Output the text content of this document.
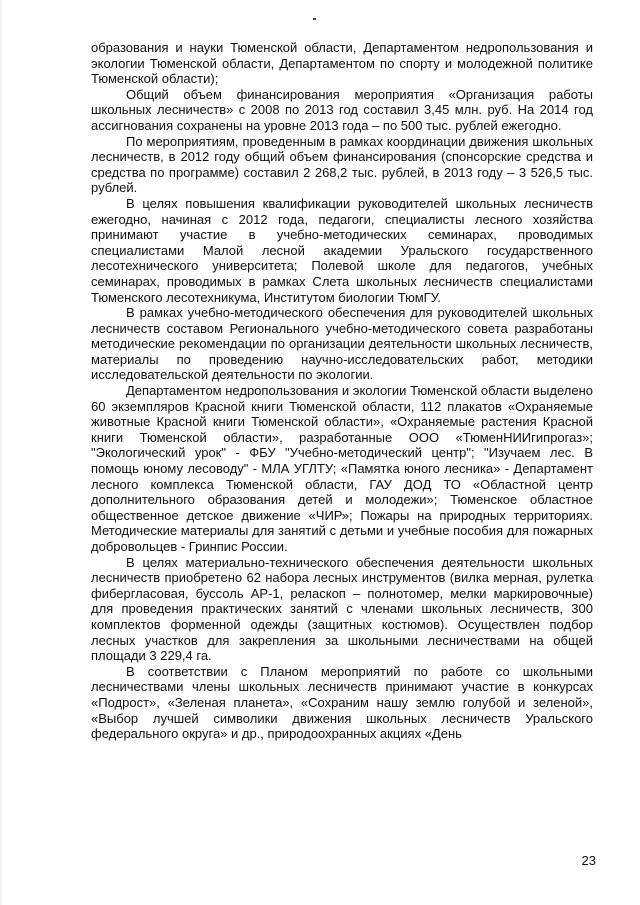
образования и науки Тюменской области, Департаментом недропользования и экологии Тюменской области, Департаментом по спорту и молодежной политике Тюменской области);

Общий объем финансирования мероприятия «Организация работы школьных лесничеств» с 2008 по 2013 год составил 3,45 млн. руб. На 2014 год ассигнования сохранены на уровне 2013 года – по 500 тыс. рублей ежегодно.

По мероприятиям, проведенным в рамках координации движения школьных лесничеств, в 2012 году общий объем финансирования (спонсорские средства и средства по программе) составил 2 268,2 тыс. рублей, в 2013 году – 3 526,5 тыс. рублей.

В целях повышения квалификации руководителей школьных лесничеств ежегодно, начиная с 2012 года, педагоги, специалисты лесного хозяйства принимают участие в учебно-методических семинарах, проводимых специалистами Малой лесной академии Уральского государственного лесотехнического университета; Полевой школе для педагогов, учебных семинарах, проводимых в рамках Слета школьных лесничеств специалистами Тюменского лесотехникума, Институтом биологии ТюмГУ.

В рамках учебно-методического обеспечения для руководителей школьных лесничеств составом Регионального учебно-методического совета разработаны методические рекомендации по организации деятельности школьных лесничеств, материалы по проведению научно-исследовательских работ, методики исследовательской деятельности по экологии.

Департаментом недропользования и экологии Тюменской области выделено 60 экземпляров Красной книги Тюменской области, 112 плакатов «Охраняемые животные Красной книги Тюменской области», «Охраняемые растения Красной книги Тюменской области», разработанные ООО «ТюменНИИгипрогаз»; "Экологический урок" - ФБУ "Учебно-методический центр"; "Изучаем лес. В помощь юному лесоводу" - МЛА УГЛТУ; «Памятка юного лесника» - Департамент лесного комплекса Тюменской области, ГАУ ДОД ТО «Областной центр дополнительного образования детей и молодежи»; Тюменское областное общественное детское движение «ЧИР»; Пожары на природных территориях. Методические материалы для занятий с детьми и учебные пособия для пожарных добровольцев - Гринпис России.

В целях материально-технического обеспечения деятельности школьных лесничеств приобретено 62 набора лесных инструментов (вилка мерная, рулетка фибергласовая, буссоль АР-1, реласкоп – полнотомер, мелки маркировочные) для проведения практических занятий с членами школьных лесничеств, 300 комплектов форменной одежды (защитных костюмов). Осуществлен подбор лесных участков для закрепления за школьными лесничествами на общей площади 3 229,4 га.

В соответствии с Планом мероприятий по работе со школьными лесничествами члены школьных лесничеств принимают участие в конкурсах «Подрост», «Зеленая планета», «Сохраним нашу землю голубой и зеленой», «Выбор лучшей символики движения школьных лесничеств Уральского федерального округа» и др., природоохранных акциях «День

23
